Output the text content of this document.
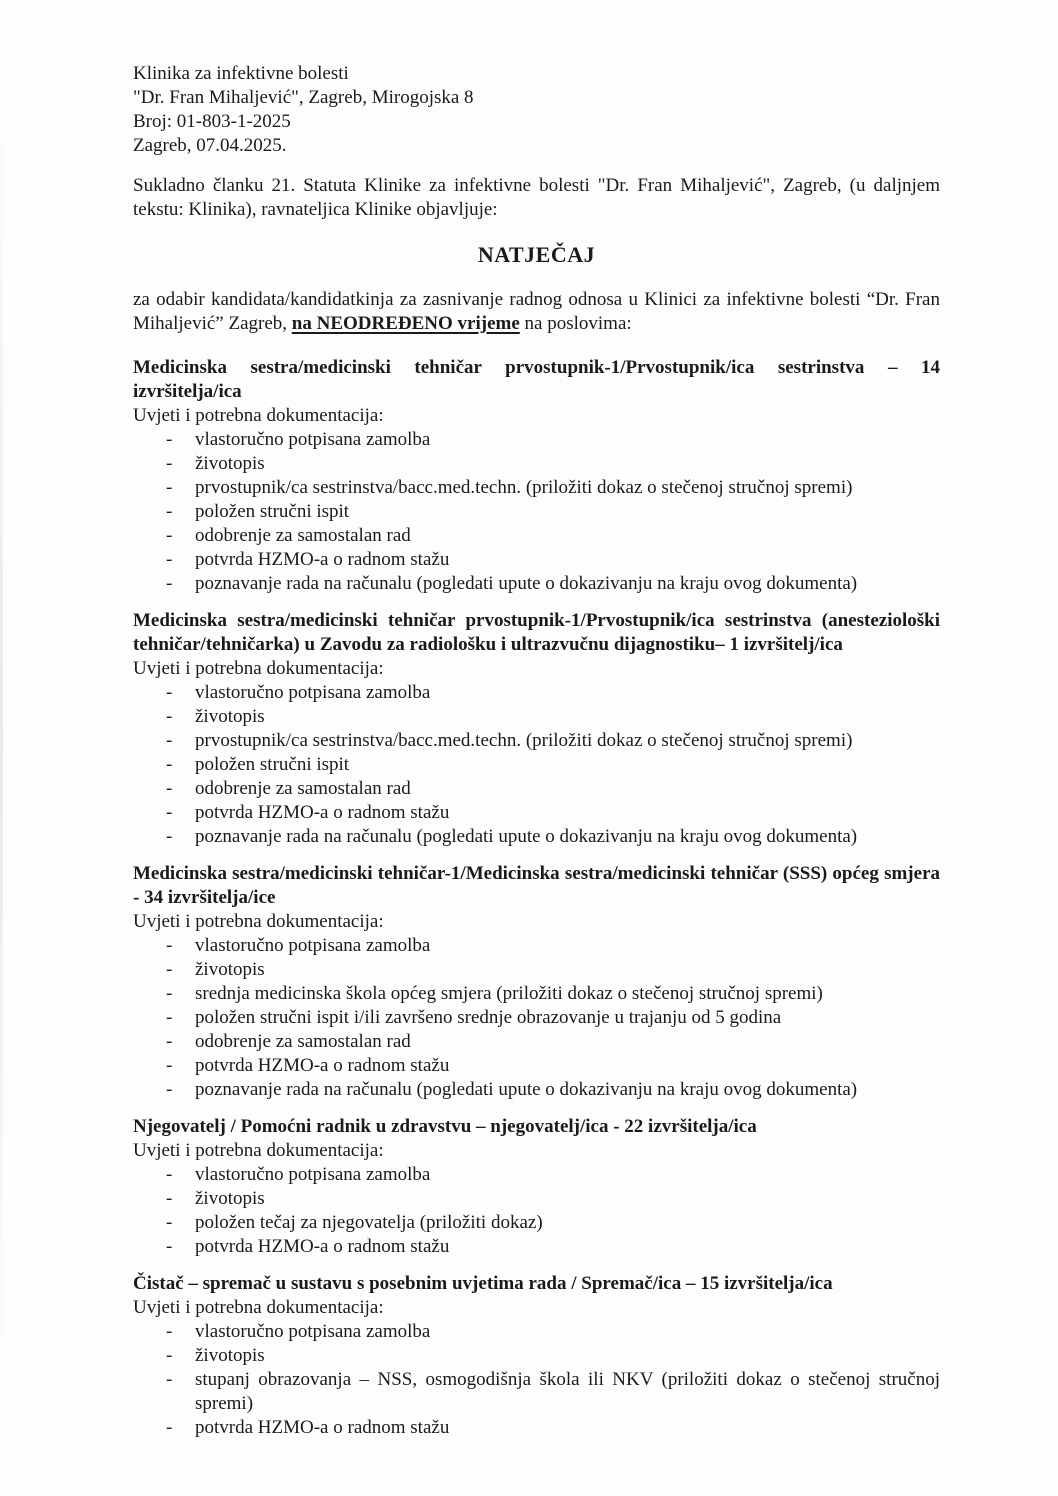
Klinika za infektivne bolesti
"Dr. Fran Mihaljević", Zagreb, Mirogojska 8
Broj: 01-803-1-2025
Zagreb, 07.04.2025.

Sukladno članku 21. Statuta Klinike za infektivne bolesti "Dr. Fran Mihaljević", Zagreb, (u daljnjem tekstu: Klinika), ravnateljica Klinike objavljuje:

NATJEČAJ

za odabir kandidata/kandidatkinja za zasnivanje radnog odnosa u Klinici za infektivne bolesti “Dr. Fran Mihaljević” Zagreb, na NEODREĐENO vrijeme na poslovima:

Medicinska sestra/medicinski tehničar prvostupnik-1/Prvostupnik/ica sestrinstva – 14 izvršitelja/ica

Uvjeti i potrebna dokumentacija:

- vlastoručno potpisana zamolba
- životopis
- prvostupnik/ca sestrinstva/bacc.med.techn. (priložiti dokaz o stečenoj stručnoj spremi)
- položen stručni ispit
- odobrenje za samostalan rad
- potvrda HZMO-a o radnom stažu
- poznavanje rada na računalu (pogledati upute o dokazivanju na kraju ovog dokumenta)
Medicinska sestra/medicinski tehničar prvostupnik-1/Prvostupnik/ica sestrinstva (anesteziološki tehničar/tehničarka) u Zavodu za radiološku i ultrazvučnu dijagnostiku– 1 izvršitelj/ica

Uvjeti i potrebna dokumentacija:

- vlastoručno potpisana zamolba
- životopis
- prvostupnik/ca sestrinstva/bacc.med.techn. (priložiti dokaz o stečenoj stručnoj spremi)
- položen stručni ispit
- odobrenje za samostalan rad
- potvrda HZMO-a o radnom stažu
- poznavanje rada na računalu (pogledati upute o dokazivanju na kraju ovog dokumenta)
Medicinska sestra/medicinski tehničar-1/Medicinska sestra/medicinski tehničar (SSS) općeg smjera - 34 izvršitelja/ice

Uvjeti i potrebna dokumentacija:

- vlastoručno potpisana zamolba
- životopis
- srednja medicinska škola općeg smjera (priložiti dokaz o stečenoj stručnoj spremi)
- položen stručni ispit i/ili završeno srednje obrazovanje u trajanju od 5 godina
- odobrenje za samostalan rad
- potvrda HZMO-a o radnom stažu
- poznavanje rada na računalu (pogledati upute o dokazivanju na kraju ovog dokumenta)
Njegovatelj / Pomoćni radnik u zdravstvu – njegovatelj/ica - 22 izvršitelja/ica

Uvjeti i potrebna dokumentacija:

- vlastoručno potpisana zamolba
- životopis
- položen tečaj za njegovatelja (priložiti dokaz)
- potvrda HZMO-a o radnom stažu
Čistač – spremač u sustavu s posebnim uvjetima rada / Spremač/ica – 15 izvršitelja/ica

Uvjeti i potrebna dokumentacija:

- vlastoručno potpisana zamolba
- životopis
- stupanj obrazovanja – NSS, osmogodišnja škola ili NKV (priložiti dokaz o stečenoj stručnoj spremi)
- potvrda HZMO-a o radnom stažu
